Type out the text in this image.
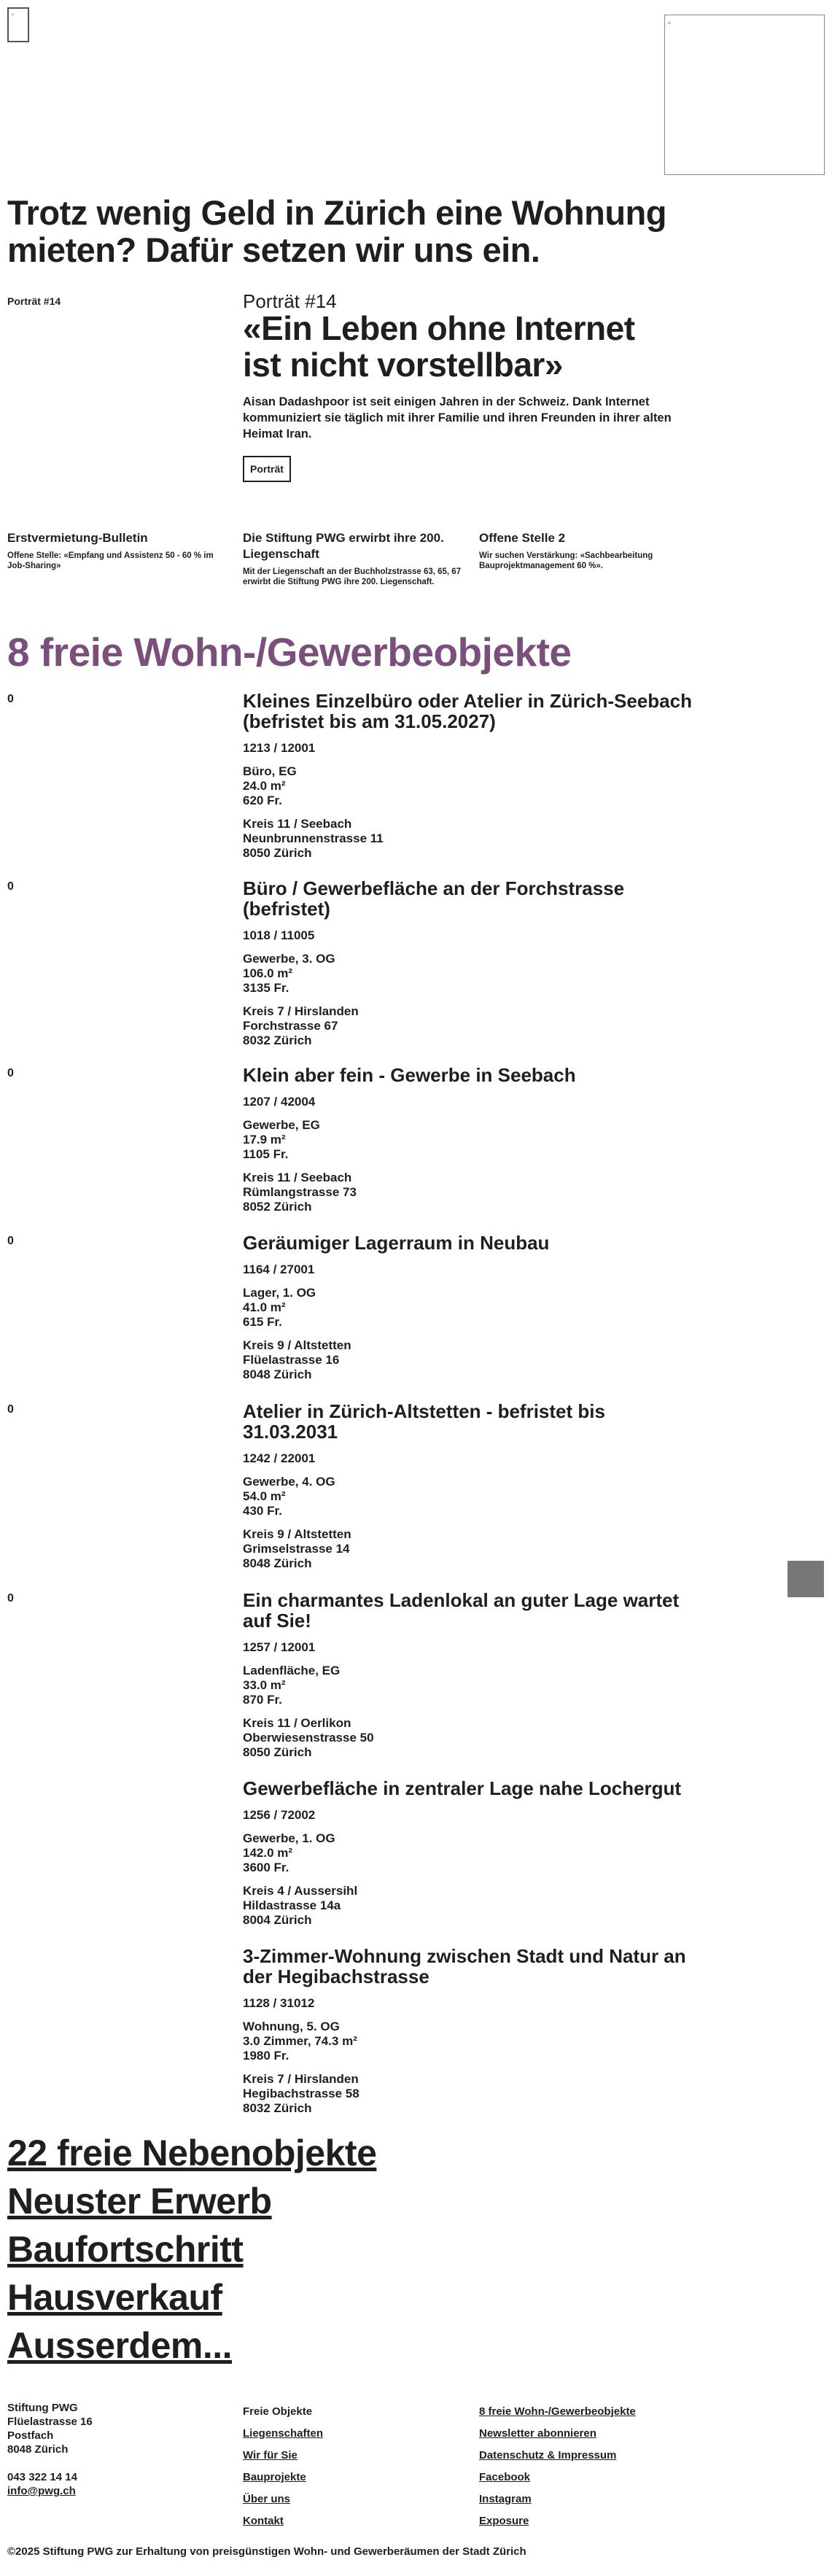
▫
▫
Trotz wenig Geld in Zürich eine Wohnung mieten? Dafür setzen wir uns ein.
Porträt #14	Porträt #14
«Ein Leben ohne Internet ist nicht vorstellbar»

Aisan Dadashpoor ist seit einigen Jahren in der Schweiz. Dank Internet kommuniziert sie täglich mit ihrer Familie und ihren Freunden in ihrer alten Heimat Iran.

Porträt
Erstvermietung-Bulletin

Offene Stelle: «Empfang und Assistenz 50 - 60 % im Job-Sharing»

Die Stiftung PWG erwirbt ihre 200. Liegenschaft

Mit der Liegenschaft an der Buchholzstrasse 63, 65, 67 erwirbt die Stiftung PWG ihre 200. Liegenschaft.

Offene Stelle 2

Wir suchen Verstärkung: «Sachbearbeitung Bauprojektmanagement 60 %».

8 freie Wohn-/Gewerbeobjekte
0	Kleines Einzelbüro oder Atelier in Zürich-Seebach (befristet bis am 31.05.2027)
1213 / 12001
Büro, EG
24.0 m²
620 Fr.
Kreis 11 / Seebach
Neunbrunnenstrasse 11
8050 Zürich
0	Büro / Gewerbefläche an der Forchstrasse (befristet)
1018 / 11005
Gewerbe, 3. OG
106.0 m²
3135 Fr.
Kreis 7 / Hirslanden
Forchstrasse 67
8032 Zürich
0	Klein aber fein - Gewerbe in Seebach
1207 / 42004
Gewerbe, EG
17.9 m²
1105 Fr.
Kreis 11 / Seebach
Rümlangstrasse 73
8052 Zürich
0	Geräumiger Lagerraum in Neubau
1164 / 27001
Lager, 1. OG
41.0 m²
615 Fr.
Kreis 9 / Altstetten
Flüelastrasse 16
8048 Zürich
0	Atelier in Zürich-Altstetten - befristet bis 31.03.2031
1242 / 22001
Gewerbe, 4. OG
54.0 m²
430 Fr.
Kreis 9 / Altstetten
Grimselstrasse 14
8048 Zürich
0	Ein charmantes Ladenlokal an guter Lage wartet auf Sie!
1257 / 12001
Ladenfläche, EG
33.0 m²
870 Fr.
Kreis 11 / Oerlikon
Oberwiesenstrasse 50
8050 Zürich
Gewerbefläche in zentraler Lage nahe Lochergut
1256 / 72002
Gewerbe, 1. OG
142.0 m²
3600 Fr.
Kreis 4 / Aussersihl
Hildastrasse 14a
8004 Zürich
3-Zimmer-Wohnung zwischen Stadt und Natur an der Hegibachstrasse
1128 / 31012
Wohnung, 5. OG
3.0 Zimmer, 74.3 m²
1980 Fr.
Kreis 7 / Hirslanden
Hegibachstrasse 58
8032 Zürich
22 freie Nebenobjekte
Neuster Erwerb
Baufortschritt
Hausverkauf
Ausserdem...
Stiftung PWG
Flüelastrasse 16
Postfach
8048 Zürich
043 322 14 14
info@pwg.ch
Freie Objekte
Liegenschaften
Wir für Sie
Bauprojekte
Über uns
Kontakt
8 freie Wohn-/Gewerbeobjekte
Newsletter abonnieren
Datenschutz & Impressum
Facebook
Instagram
Exposure
©2025 Stiftung PWG zur Erhaltung von preisgünstigen Wohn- und Gewerberäumen der Stadt Zürich
